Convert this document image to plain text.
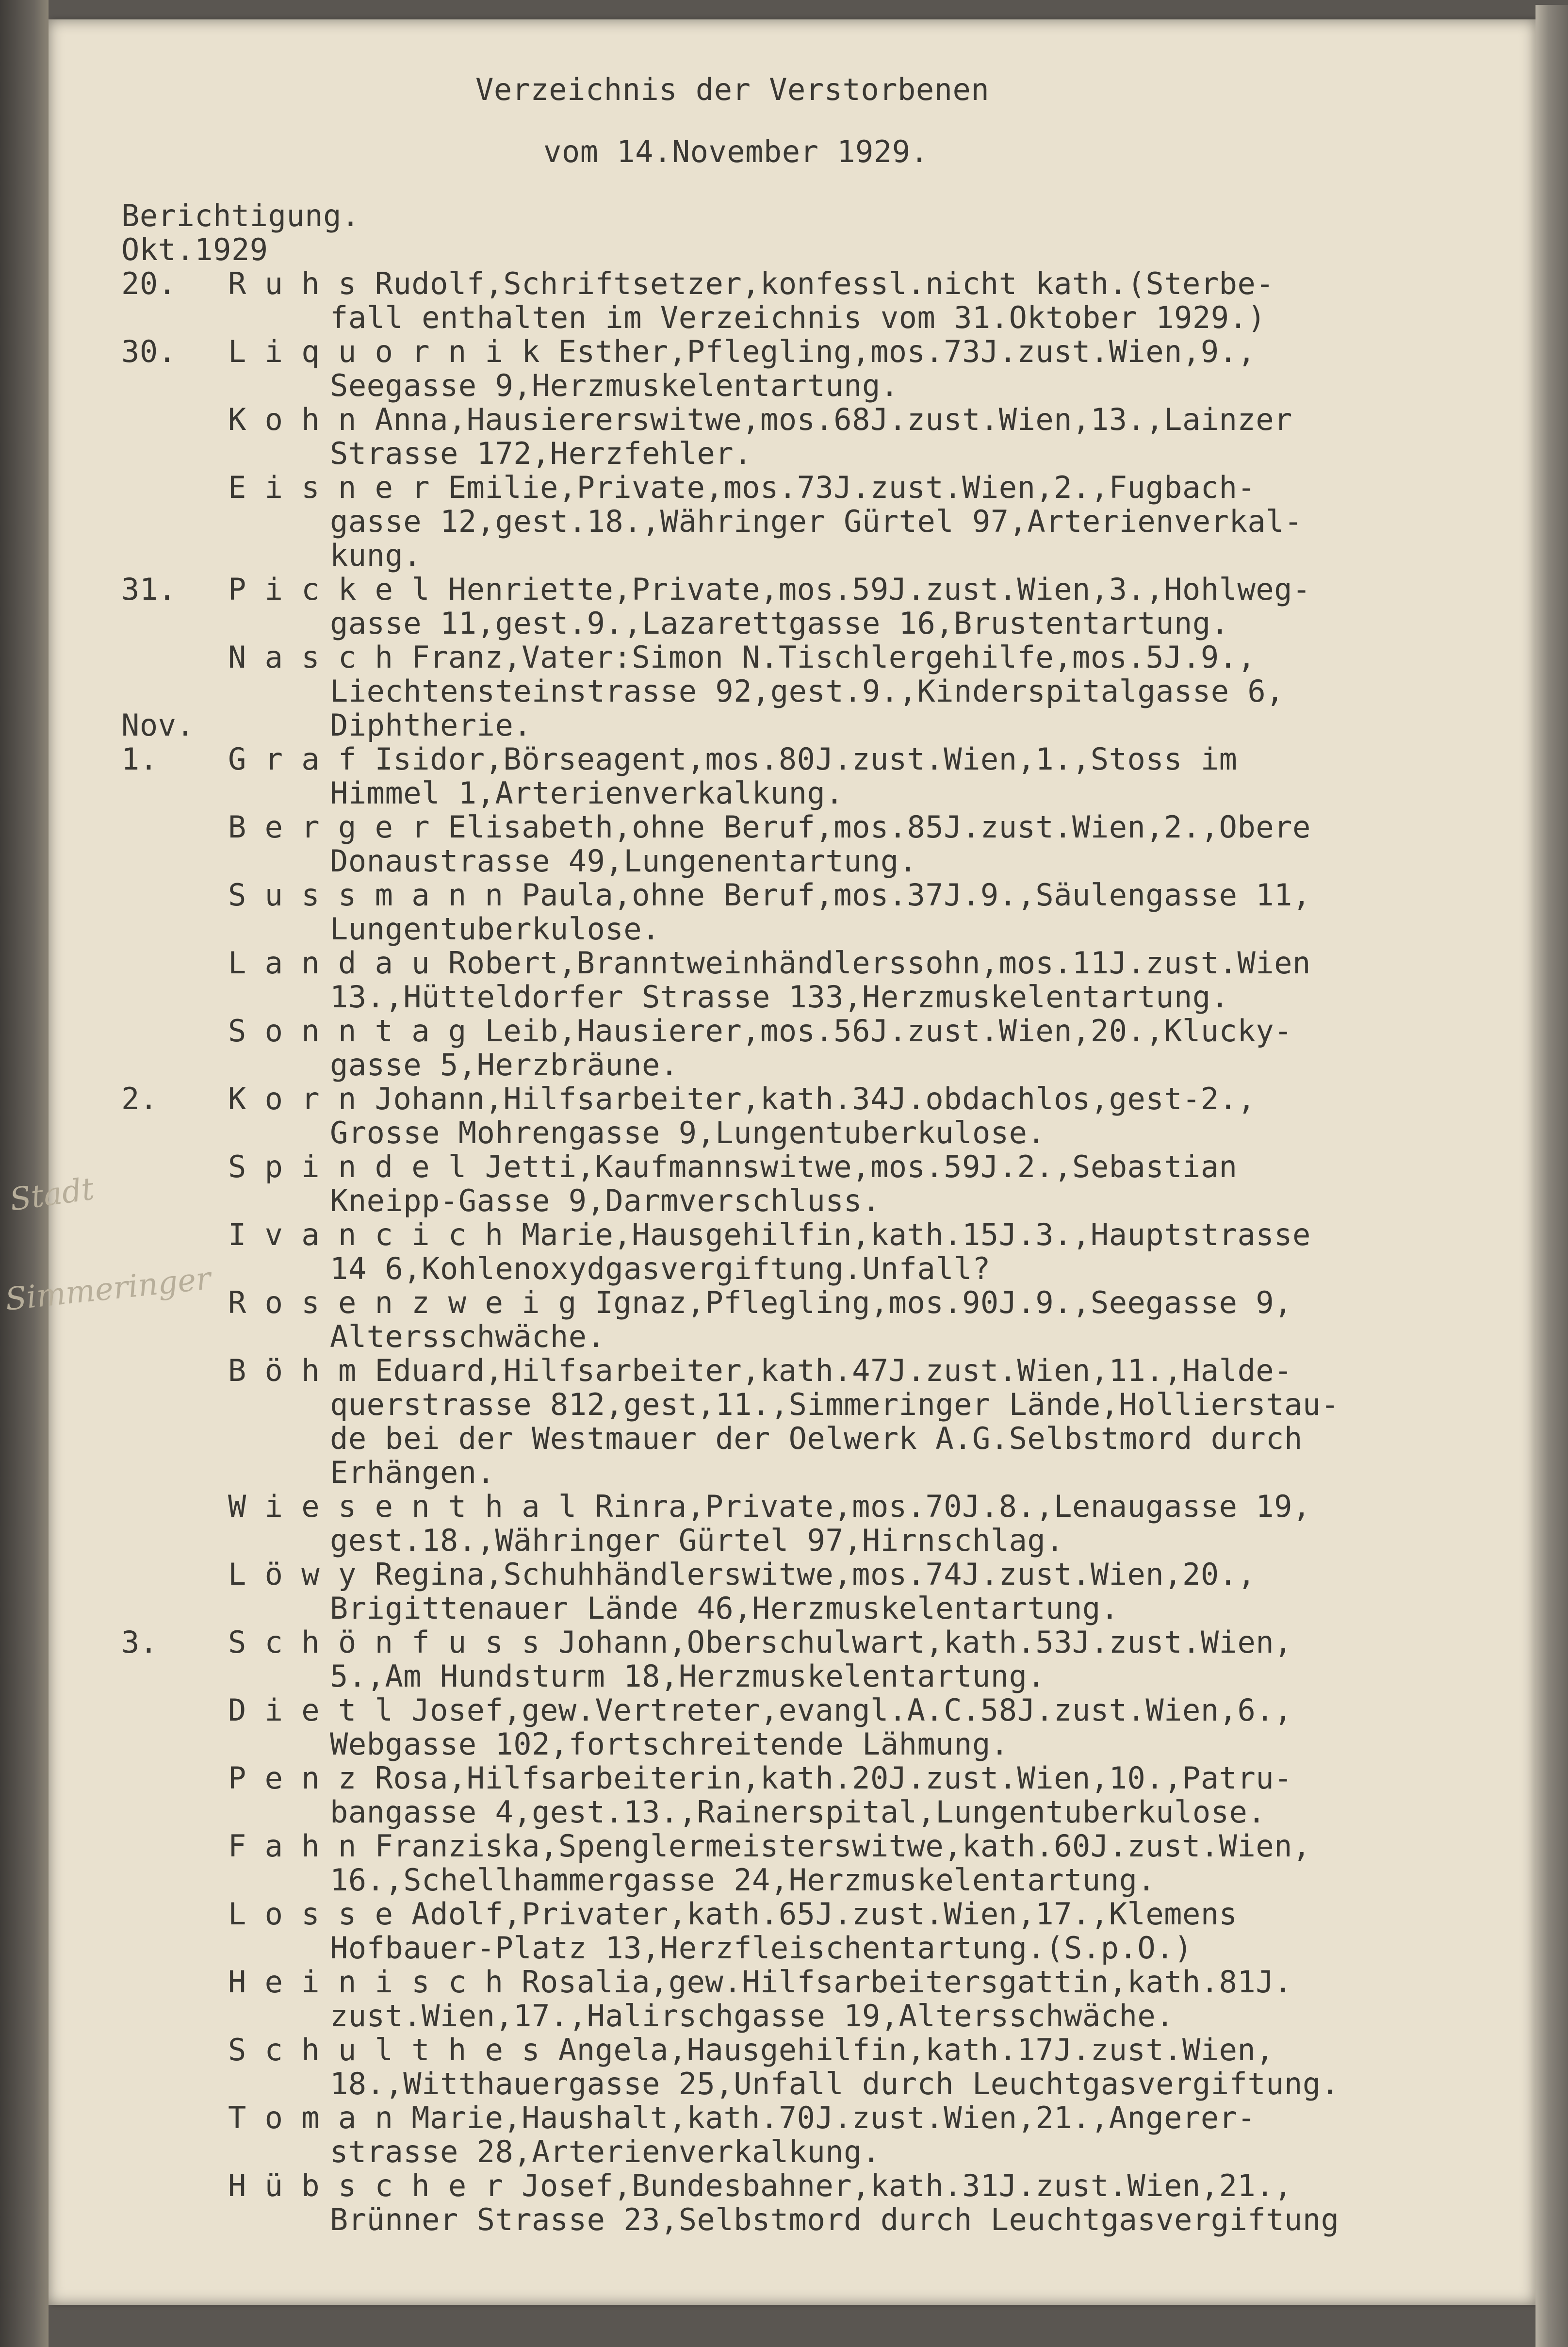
Verzeichnis der Verstorbenen
vom 14.November 1929.
Berichtigung.
Okt.1929
20. R u h s Rudolf,Schriftsetzer,konfessl.nicht kath.(Sterbe-
fall enthalten im Verzeichnis vom 31.Oktober 1929.)
30. L i q u o r n i k Esther,Pflegling,mos.73J.zust.Wien,9.,
Seegasse 9,Herzmuskelentartung.
K o h n Anna,Hausiererswitwe,mos.68J.zust.Wien,13.,Lainzer
Strasse 172,Herzfehler.
E i s n e r Emilie,Private,mos.73J.zust.Wien,2.,Fugbach-
gasse 12,gest.18.,Währinger Gürtel 97,Arterienverkal-
kung.
31. P i c k e l Henriette,Private,mos.59J.zust.Wien,3.,Hohlweg-
gasse 11,gest.9.,Lazarettgasse 16,Brustentartung.
N a s c h Franz,Vater:Simon N.Tischlergehilfe,mos.5J.9.,
Liechtensteinstrasse 92,gest.9.,Kinderspitalgasse 6,
Nov.	Diphtherie.
1. G r a f Isidor,Börseagent,mos.80J.zust.Wien,1.,Stoss im
Himmel 1,Arterienverkalkung.
B e r g e r Elisabeth,ohne Beruf,mos.85J.zust.Wien,2.,Obere
Donaustrasse 49,Lungenentartung.
S u s s m a n n Paula,ohne Beruf,mos.37J.9.,Säulengasse 11,
Lungentuberkulose.
L a n d a u Robert,Branntweinhändlerssohn,mos.11J.zust.Wien
13.,Hütteldorfer Strasse 133,Herzmuskelentartung.
S o n n t a g Leib,Hausierer,mos.56J.zust.Wien,20.,Klucky-
gasse 5,Herzbräune.
2. K o r n Johann,Hilfsarbeiter,kath.34J.obdachlos,gest-2.,
Grosse Mohrengasse 9,Lungentuberkulose.
S p i n d e l Jetti,Kaufmannswitwe,mos.59J.2.,Sebastian
Kneipp-Gasse 9,Darmverschluss.
I v a n c i c h Marie,Hausgehilfin,kath.15J.3.,Hauptstrasse
14 6,Kohlenoxydgasvergiftung.Unfall?
R o s e n z w e i g Ignaz,Pflegling,mos.90J.9.,Seegasse 9,
Altersschwäche.
B ö h m Eduard,Hilfsarbeiter,kath.47J.zust.Wien,11.,Halde-
querstrasse 812,gest,11.,Simmeringer Lände,Hollierstau-
de bei der Westmauer der Oelwerk A.G.Selbstmord durch
Erhängen.
W i e s e n t h a l Rinra,Private,mos.70J.8.,Lenaugasse 19,
gest.18.,Währinger Gürtel 97,Hirnschlag.
L ö w y Regina,Schuhhändlerswitwe,mos.74J.zust.Wien,20.,
Brigittenauer Lände 46,Herzmuskelentartung.
3. S c h ö n f u s s Johann,Oberschulwart,kath.53J.zust.Wien,
5.,Am Hundsturm 18,Herzmuskelentartung.
D i e t l Josef,gew.Vertreter,evangl.A.C.58J.zust.Wien,6.,
Webgasse 102,fortschreitende Lähmung.
P e n z Rosa,Hilfsarbeiterin,kath.20J.zust.Wien,10.,Patru-
bangasse 4,gest.13.,Rainerspital,Lungentuberkulose.
F a h n Franziska,Spenglermeisterswitwe,kath.60J.zust.Wien,
16.,Schellhammergasse 24,Herzmuskelentartung.
L o s s e Adolf,Privater,kath.65J.zust.Wien,17.,Klemens
Hofbauer-Platz 13,Herzfleischentartung.(S.p.O.)
H e i n i s c h Rosalia,gew.Hilfsarbeitersgattin,kath.81J.
zust.Wien,17.,Halirschgasse 19,Altersschwäche.
S c h u l t h e s Angela,Hausgehilfin,kath.17J.zust.Wien,
18.,Witthauergasse 25,Unfall durch Leuchtgasvergiftung.
T o m a n Marie,Haushalt,kath.70J.zust.Wien,21.,Angerer-
strasse 28,Arterienverkalkung.
H ü b s c h e r Josef,Bundesbahner,kath.31J.zust.Wien,21.,
Brünner Strasse 23,Selbstmord durch Leuchtgasvergiftung
Stadt
Simmeringer
